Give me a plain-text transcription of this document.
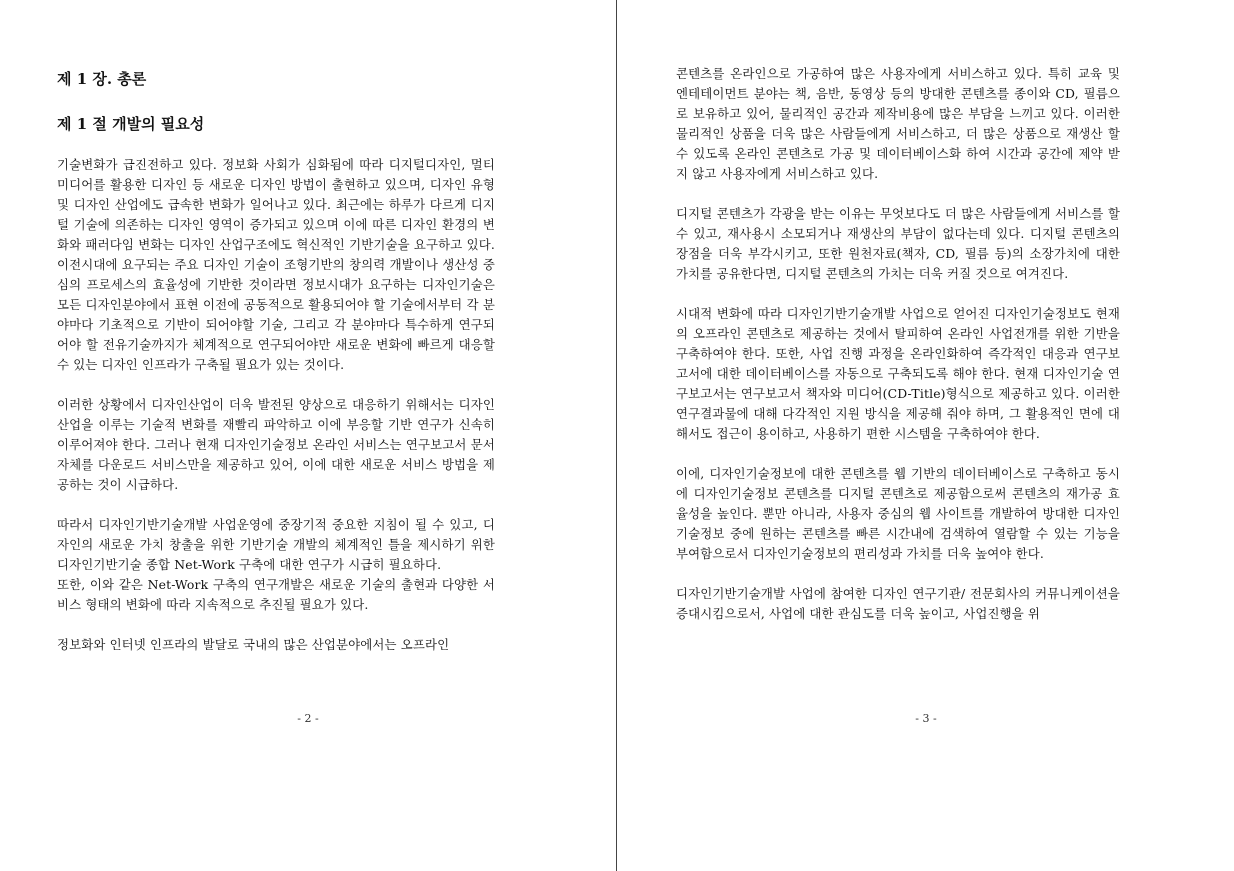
제 1 장. 총론
제 1 절 개발의 필요성

기술변화가 급진전하고 있다. 정보화 사회가 심화됨에 따라 디지털디자인, 멀티미디어를 활용한 디자인 등 새로운 디자인 방법이 출현하고 있으며, 디자인 유형 및 디자인 산업에도 급속한 변화가 일어나고 있다. 최근에는 하루가 다르게 디지털 기술에 의존하는 디자인 영역이 증가되고 있으며 이에 따른 디자인 환경의 변화와 패러다임 변화는 디자인 산업구조에도 혁신적인 기반기술을 요구하고 있다. 이전시대에 요구되는 주요 디자인 기술이 조형기반의 창의력 개발이나 생산성 중심의 프로세스의 효율성에 기반한 것이라면 정보시대가 요구하는 디자인기술은 모든 디자인분야에서 표현 이전에 공동적으로 활용되어야 할 기술에서부터 각 분야마다 기초적으로 기반이 되어야할 기술, 그리고 각 분야마다 특수하게 연구되어야 할 전유기술까지가 체계적으로 연구되어야만 새로운 변화에 빠르게 대응할 수 있는 디자인 인프라가 구축될 필요가 있는 것이다.

이러한 상황에서 디자인산업이 더욱 발전된 양상으로 대응하기 위해서는 디자인 산업을 이루는 기술적 변화를 재빨리 파악하고 이에 부응할 기반 연구가 신속히 이루어져야 한다. 그러나 현재 디자인기술정보 온라인 서비스는 연구보고서 문서 자체를 다운로드 서비스만을 제공하고 있어, 이에 대한 새로운 서비스 방법을 제공하는 것이 시급하다.

따라서 디자인기반기술개발 사업운영에 중장기적 중요한 지침이 될 수 있고, 디자인의 새로운 가치 창출을 위한 기반기술 개발의 체계적인 틀을 제시하기 위한 디자인기반기술 종합 Net-Work 구축에 대한 연구가 시급히 필요하다.

또한, 이와 같은 Net-Work 구축의 연구개발은 새로운 기술의 출현과 다양한 서비스 형태의 변화에 따라 지속적으로 추진될 필요가 있다.

정보화와 인터넷 인프라의 발달로 국내의 많은 산업분야에서는 오프라인

- 2 -

콘텐츠를 온라인으로 가공하여 많은 사용자에게 서비스하고 있다. 특히 교육 및 엔테테이먼트 분야는 책, 음반, 동영상 등의 방대한 콘텐츠를 종이와 CD, 필름으로 보유하고 있어, 물리적인 공간과 제작비용에 많은 부담을 느끼고 있다. 이러한 물리적인 상품을 더욱 많은 사람들에게 서비스하고, 더 많은 상품으로 재생산 할 수 있도록 온라인 콘텐츠로 가공 및 데이터베이스화 하여 시간과 공간에 제약 받지 않고 사용자에게 서비스하고 있다.

디지털 콘텐츠가 각광을 받는 이유는 무엇보다도 더 많은 사람들에게 서비스를 할 수 있고, 재사용시 소모되거나 재생산의 부담이 없다는데 있다. 디지털 콘텐츠의 장점을 더욱 부각시키고, 또한 원천자료(책자, CD, 필름 등)의 소장가치에 대한 가치를 공유한다면, 디지털 콘텐츠의 가치는 더욱 커질 것으로 여겨진다.

시대적 변화에 따라 디자인기반기술개발 사업으로 얻어진 디자인기술정보도 현재의 오프라인 콘텐츠로 제공하는 것에서 탈피하여 온라인 사업전개를 위한 기반을 구축하여야 한다. 또한, 사업 진행 과정을 온라인화하여 즉각적인 대응과 연구보고서에 대한 데이터베이스를 자동으로 구축되도록 해야 한다. 현재 디자인기술 연구보고서는 연구보고서 책자와 미디어(CD-Title)형식으로 제공하고 있다. 이러한 연구결과물에 대해 다각적인 지원 방식을 제공해 줘야 하며, 그 활용적인 면에 대해서도 접근이 용이하고, 사용하기 편한 시스템을 구축하여야 한다.

이에, 디자인기술정보에 대한 콘텐츠를 웹 기반의 데이터베이스로 구축하고 동시에 디자인기술정보 콘텐츠를 디지털 콘텐츠로 제공함으로써 콘텐츠의 재가공 효율성을 높인다. 뿐만 아니라, 사용자 중심의 웹 사이트를 개발하여 방대한 디자인기술정보 중에 원하는 콘텐츠를 빠른 시간내에 검색하여 열람할 수 있는 기능을 부여함으로서 디자인기술정보의 편리성과 가치를 더욱 높여야 한다.

디자인기반기술개발 사업에 참여한 디자인 연구기관/ 전문회사의 커뮤니케이션을 증대시킴으로서, 사업에 대한 관심도를 더욱 높이고, 사업진행을 위

- 3 -
